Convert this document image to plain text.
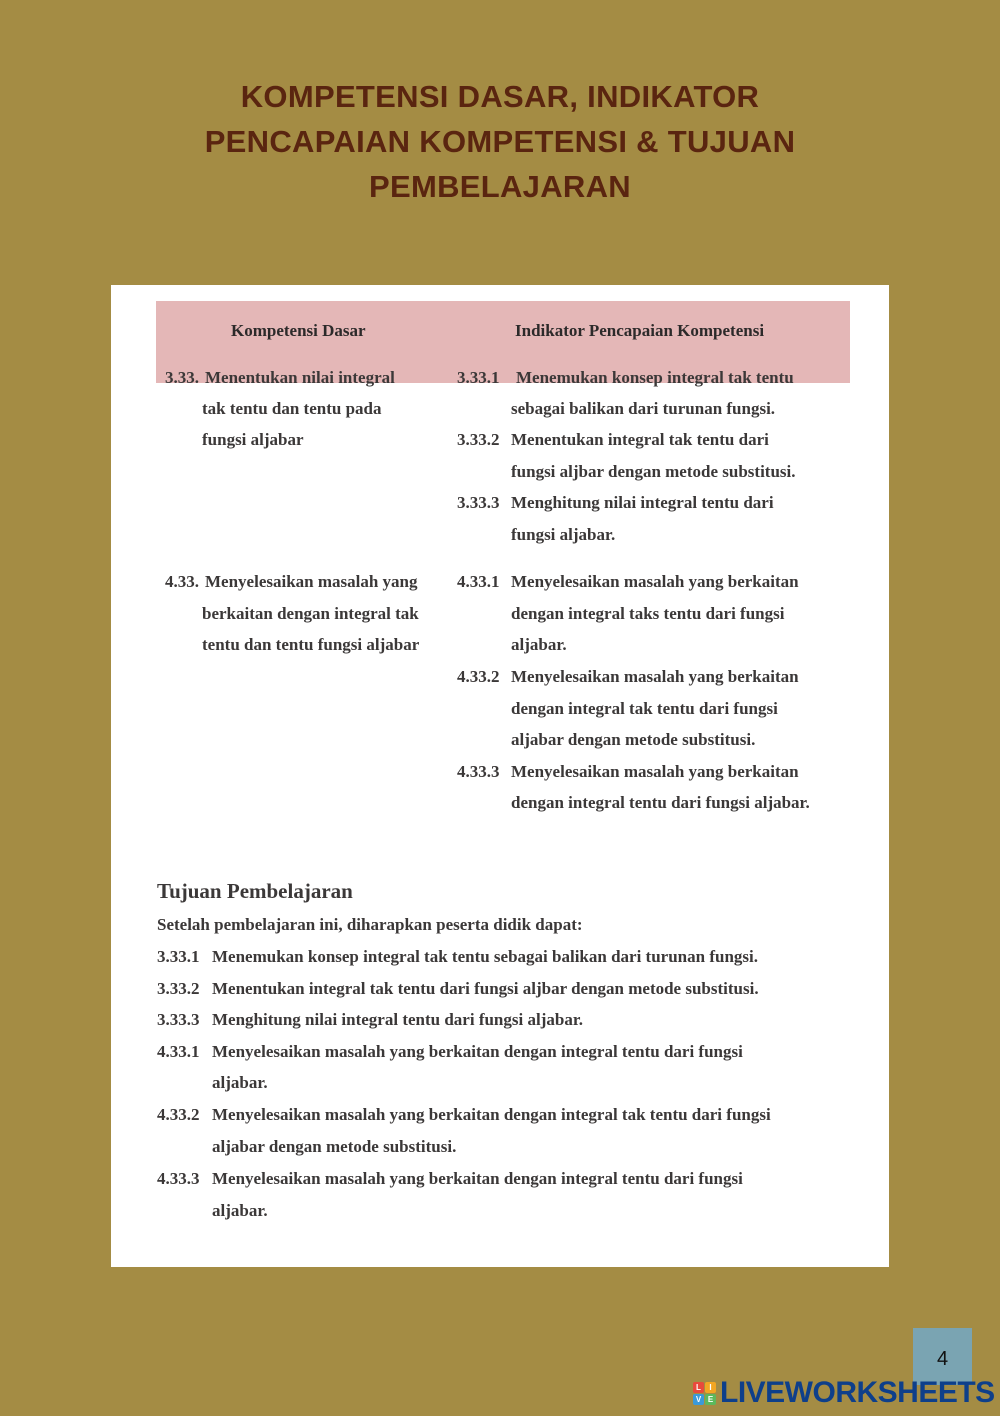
KOMPETENSI DASAR, INDIKATOR
PENCAPAIAN KOMPETENSI & TUJUAN
PEMBELAJARAN
Kompetensi Dasar	Indikator Pencapaian Kompetensi
3.33. Menentukan nilai integral
tak tentu dan tentu pada
fungsi aljabar
4.33. Menyelesaikan masalah yang
berkaitan dengan integral tak
tentu dan tentu fungsi aljabar
3.33.1 Menemukan konsep integral tak tentu
sebagai balikan dari turunan fungsi.
3.33.2 Menentukan integral tak tentu dari
fungsi aljbar dengan metode substitusi.
3.33.3 Menghitung nilai integral tentu dari
fungsi aljabar.
4.33.1 Menyelesaikan masalah yang berkaitan
dengan integral taks tentu dari fungsi
aljabar.
4.33.2 Menyelesaikan masalah yang berkaitan
dengan integral tak tentu dari fungsi
aljabar dengan metode substitusi.
4.33.3 Menyelesaikan masalah yang berkaitan
dengan integral tentu dari fungsi aljabar.
Tujuan Pembelajaran
Setelah pembelajaran ini, diharapkan peserta didik dapat:
3.33.1 Menemukan konsep integral tak tentu sebagai balikan dari turunan fungsi.
3.33.2 Menentukan integral tak tentu dari fungsi aljbar dengan metode substitusi.
3.33.3 Menghitung nilai integral tentu dari fungsi aljabar.
4.33.1 Menyelesaikan masalah yang berkaitan dengan integral tentu dari fungsi
aljabar.
4.33.2 Menyelesaikan masalah yang berkaitan dengan integral tak tentu dari fungsi
aljabar dengan metode substitusi.
4.33.3 Menyelesaikan masalah yang berkaitan dengan integral tentu dari fungsi
aljabar.
4
L	I
V E LIVEWORKSHEETS
